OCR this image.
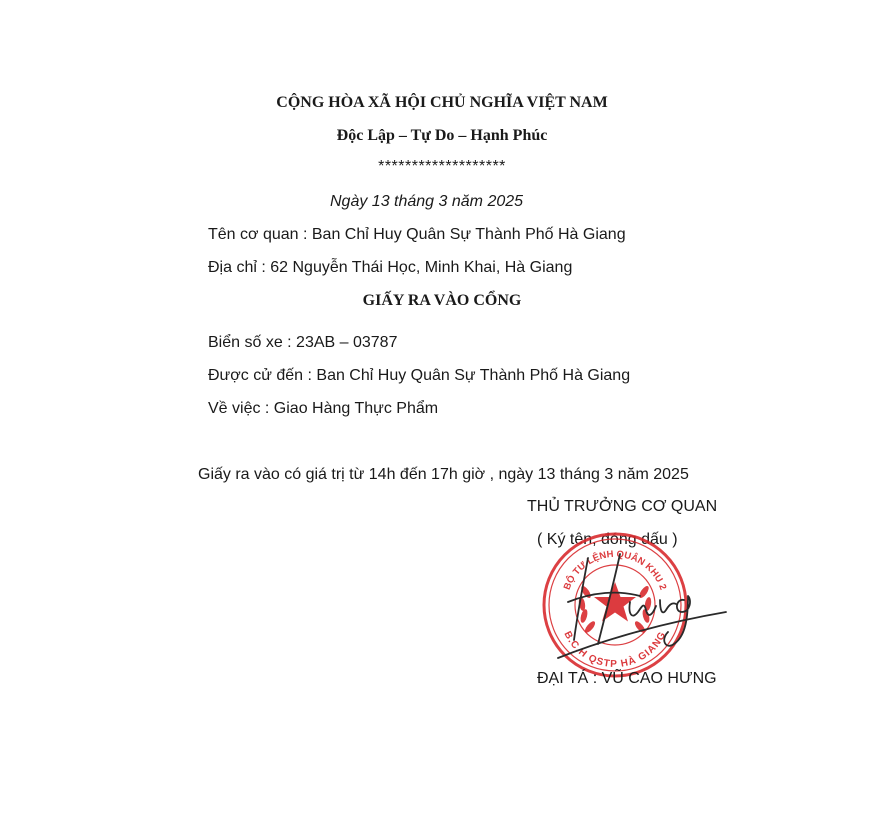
CỘNG HÒA XÃ HỘI CHỦ NGHĨA VIỆT NAM
Độc Lập – Tự Do – Hạnh Phúc
*******************
Ngày 13 tháng 3 năm 2025
Tên cơ quan : Ban Chỉ Huy Quân Sự Thành Phố Hà Giang
Địa chỉ : 62 Nguyễn Thái Học, Minh Khai, Hà Giang
GIẤY RA VÀO CỔNG
Biển số xe : 23AB – 03787
Được cử đến : Ban Chỉ Huy Quân Sự Thành Phố Hà Giang
Về việc : Giao Hàng Thực Phẩm
Giấy ra vào có giá trị từ 14h đến 17h giờ , ngày 13 tháng 3 năm 2025
THỦ TRƯỞNG CƠ QUAN
( Ký tên, đóng dấu )
BỘ TƯ LỆNH QUÂN KHU 2
B.C.H QSTP HÀ GIANG
ĐẠI TÁ : VŨ CAO HƯNG
